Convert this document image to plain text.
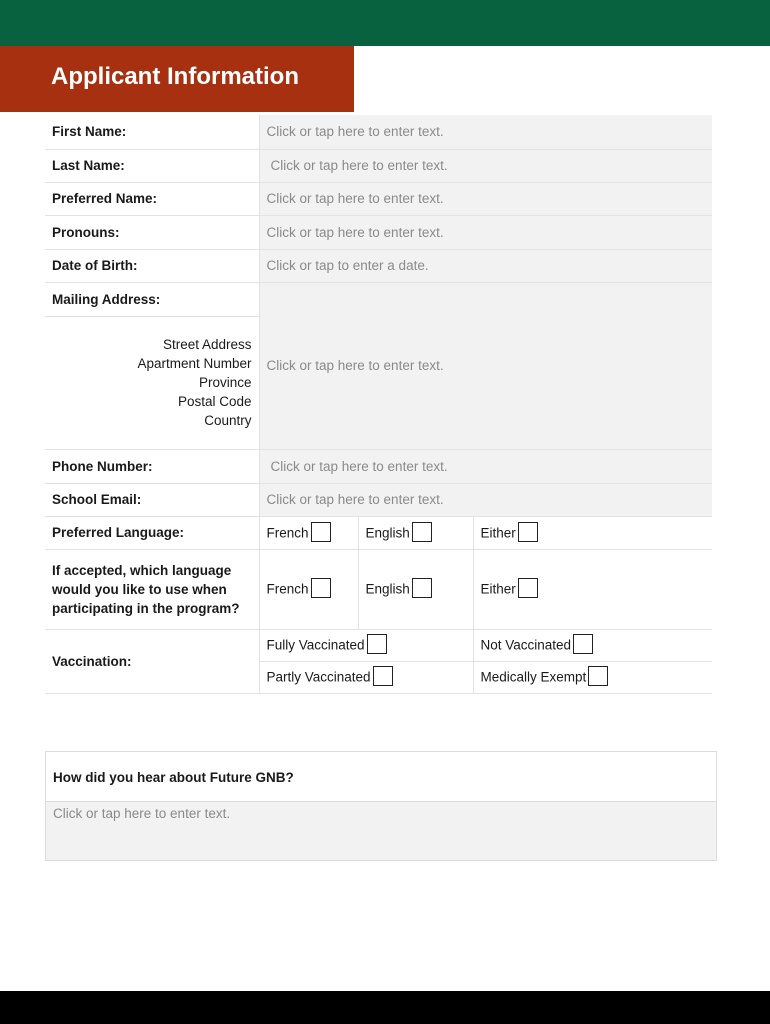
Applicant Information
First Name:	Click or tap here to enter text.		
Last Name:	Click or tap here to enter text.		
Preferred Name:	Click or tap here to enter text.		
Pronouns:	Click or tap here to enter text.		
Date of Birth:	Click or tap to enter a date.		
Mailing Address:	Click or tap here to enter text.		

Street Address
Apartment Number
Province
Postal Code
Country			

Phone Number:	Click or tap here to enter text.		
School Email:	Click or tap here to enter text.		
Preferred Language:	French	English	Either
If accepted, which language would you like to use when participating in the program?	French	English	Either
Vaccination:	Fully Vaccinated		Not Vaccinated
	Partly Vaccinated		Medically Exempt
How did you hear about Future GNB?
Click or tap here to enter text.
